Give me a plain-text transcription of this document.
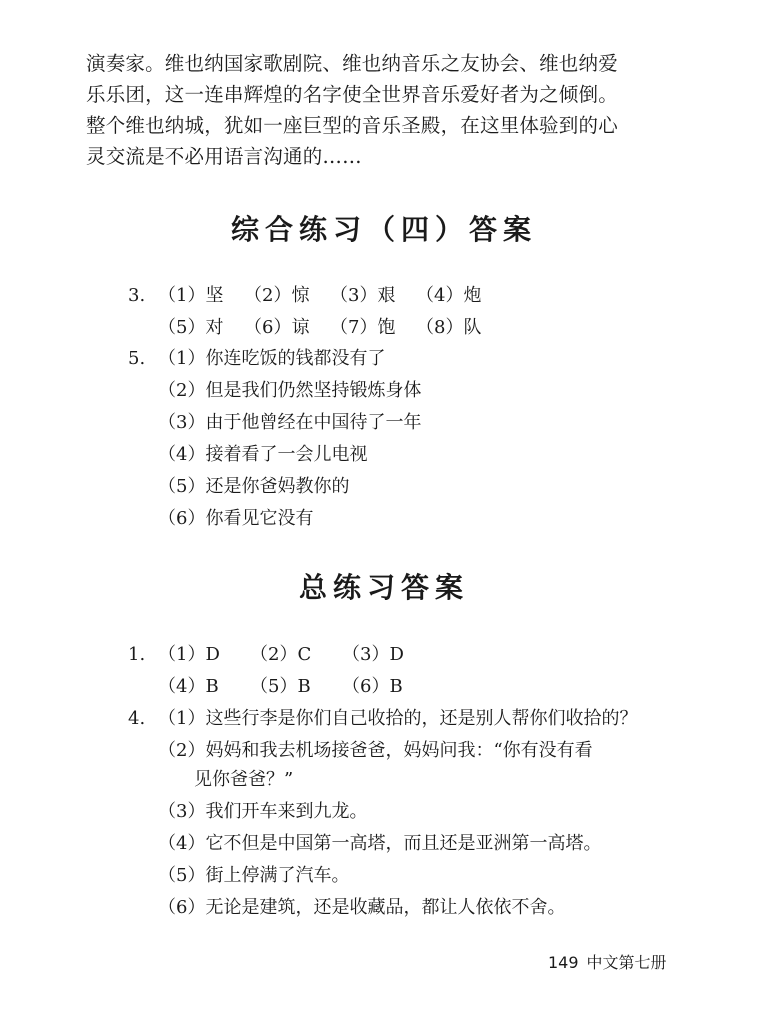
演奏家。维也纳国家歌剧院、维也纳音乐之友协会、维也纳爱
乐乐团，这一连串辉煌的名字使全世界音乐爱好者为之倾倒。
整个维也纳城，犹如一座巨型的音乐圣殿，在这里体验到的心
灵交流是不必用语言沟通的……
综合练习（四）答案
3. （1）坚 （2）惊 （3）艰 （4）炮
（5）对 （6）谅 （7）饱 （8）队
5. （1）你连吃饭的钱都没有了
（2）但是我们仍然坚持锻炼身体
（3）由于他曾经在中国待了一年
（4）接着看了一会儿电视
（5）还是你爸妈教你的
（6）你看见它没有
总练习答案
1. （1）D （2）C （3）D
（4）B （5）B （6）B
4. （1）这些行李是你们自己收拾的，还是别人帮你们收拾的？
（2）妈妈和我去机场接爸爸，妈妈问我：“你有没有看
见你爸爸？”
（3）我们开车来到九龙。
（4）它不但是中国第一高塔，而且还是亚洲第一高塔。
（5）街上停满了汽车。
（6）无论是建筑，还是收藏品，都让人依依不舍。
149 中文第七册
